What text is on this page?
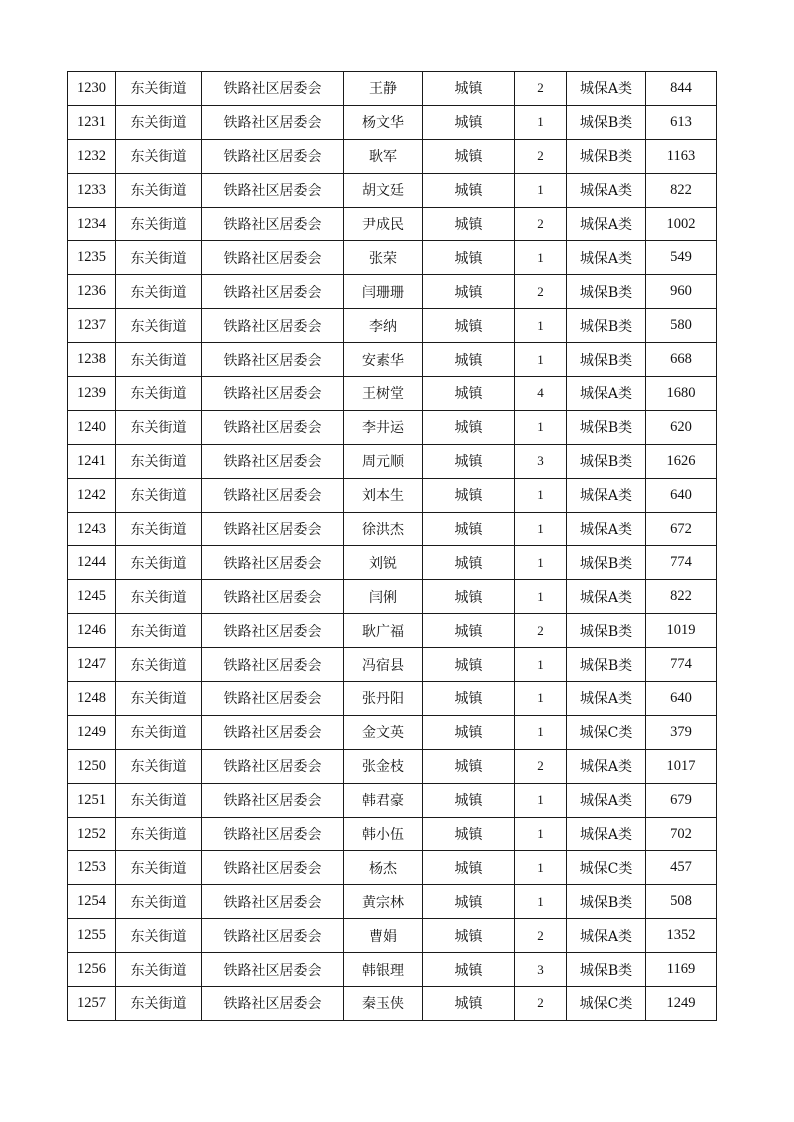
1230	东关街道	铁路社区居委会	王静	城镇	2	城保A类	844
1231	东关街道	铁路社区居委会	杨文华	城镇	1	城保B类	613
1232	东关街道	铁路社区居委会	耿军	城镇	2	城保B类	1163
1233	东关街道	铁路社区居委会	胡文廷	城镇	1	城保A类	822
1234	东关街道	铁路社区居委会	尹成民	城镇	2	城保A类	1002
1235	东关街道	铁路社区居委会	张荣	城镇	1	城保A类	549
1236	东关街道	铁路社区居委会	闫珊珊	城镇	2	城保B类	960
1237	东关街道	铁路社区居委会	李纳	城镇	1	城保B类	580
1238	东关街道	铁路社区居委会	安素华	城镇	1	城保B类	668
1239	东关街道	铁路社区居委会	王树堂	城镇	4	城保A类	1680
1240	东关街道	铁路社区居委会	李井运	城镇	1	城保B类	620
1241	东关街道	铁路社区居委会	周元顺	城镇	3	城保B类	1626
1242	东关街道	铁路社区居委会	刘本生	城镇	1	城保A类	640
1243	东关街道	铁路社区居委会	徐洪杰	城镇	1	城保A类	672
1244	东关街道	铁路社区居委会	刘锐	城镇	1	城保B类	774
1245	东关街道	铁路社区居委会	闫俐	城镇	1	城保A类	822
1246	东关街道	铁路社区居委会	耿广福	城镇	2	城保B类	1019
1247	东关街道	铁路社区居委会	冯宿县	城镇	1	城保B类	774
1248	东关街道	铁路社区居委会	张丹阳	城镇	1	城保A类	640
1249	东关街道	铁路社区居委会	金文英	城镇	1	城保C类	379
1250	东关街道	铁路社区居委会	张金枝	城镇	2	城保A类	1017
1251	东关街道	铁路社区居委会	韩君豪	城镇	1	城保A类	679
1252	东关街道	铁路社区居委会	韩小伍	城镇	1	城保A类	702
1253	东关街道	铁路社区居委会	杨杰	城镇	1	城保C类	457
1254	东关街道	铁路社区居委会	黄宗林	城镇	1	城保B类	508
1255	东关街道	铁路社区居委会	曹娟	城镇	2	城保A类	1352
1256	东关街道	铁路社区居委会	韩银理	城镇	3	城保B类	1169
1257	东关街道	铁路社区居委会	秦玉侠	城镇	2	城保C类	1249
